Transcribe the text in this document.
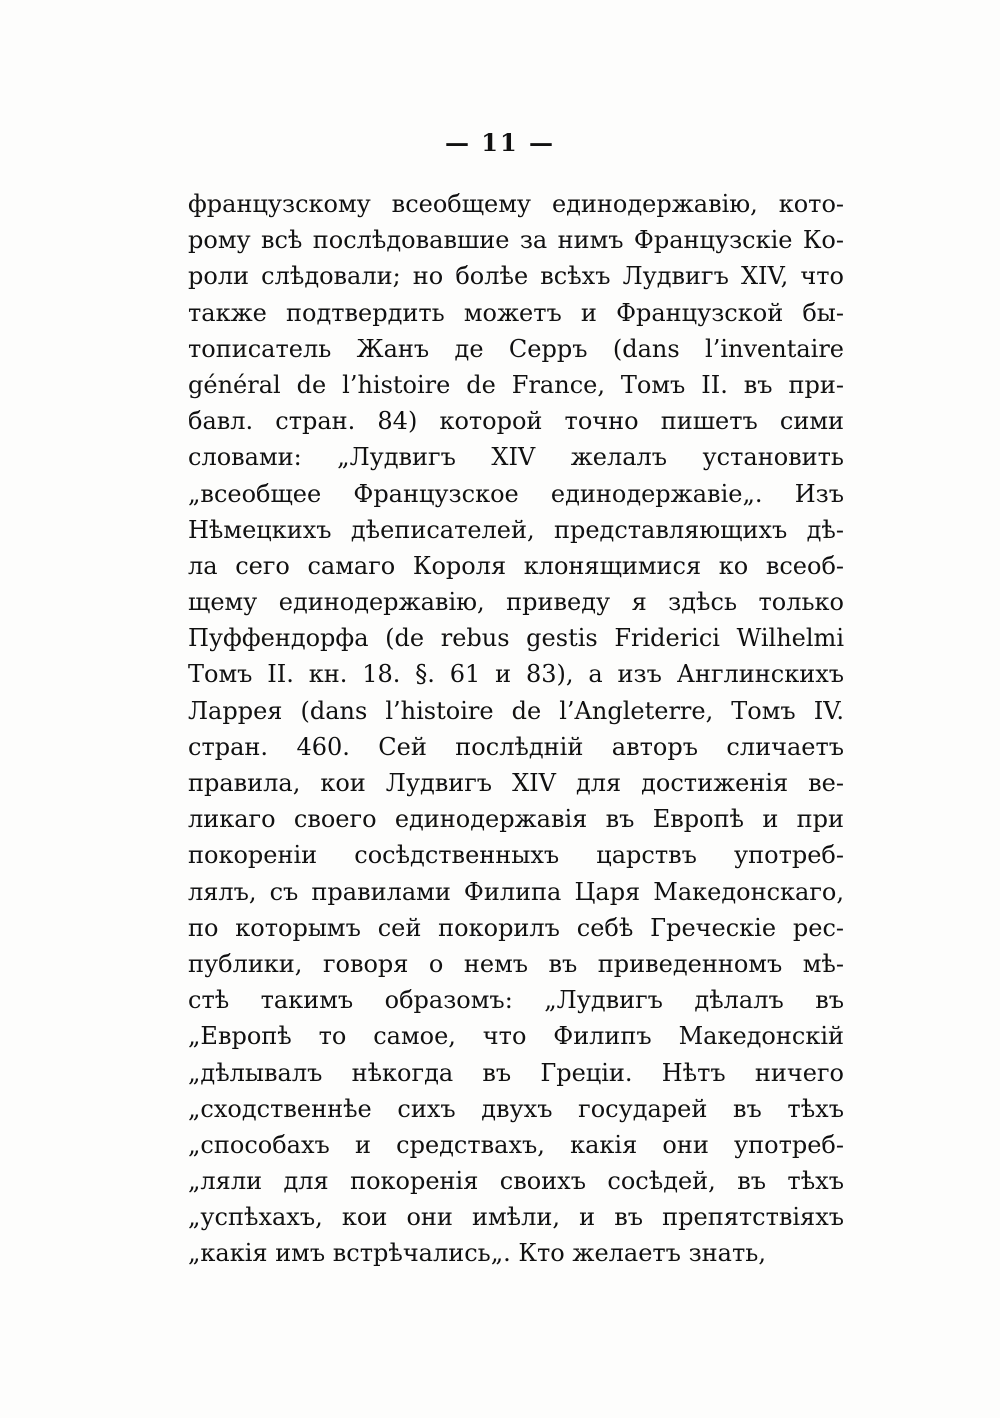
— 11 —
французскому всеобщему единодержавію, кото-
рому всѣ послѣдовавшие за нимъ Французскіе Ко-
роли слѣдовали; но болѣе всѣхъ Лудвигъ XIV, что
также подтвердить можетъ и Французской бы-
тописатель Жанъ де Серръ (dans l’inventaire
général de l’histoire de France, Томъ II. въ при-
бавл. стран. 84) которой точно пишетъ сими
словами: „Лудвигъ XIV желалъ установить
„всеобщее Французское единодержавіе„. Изъ
Нѣмецкихъ дѣеписателей, представляющихъ дѣ-
ла сего самаго Короля клонящимися ко всеоб-
щему единодержавію, приведу я здѣсь только
Пуффендорфа (de rebus gestis Friderici Wilhelmi
Томъ II. кн. 18. §. 61 и 83), а изъ Англинскихъ
Ларрея (dans l’histoire de l’Angleterre, Томъ IV.
стран. 460. Сей послѣдній авторъ сличаетъ
правила, кои Лудвигъ XIV для достиженія ве-
ликаго своего единодержавія въ Европѣ и при
покореніи сосѣдственныхъ царствъ употреб-
лялъ, съ правилами Филипа Царя Македонскаго,
по которымъ сей покорилъ себѣ Греческіе рес-
публики, говоря о немъ въ приведенномъ мѣ-
стѣ такимъ образомъ: „Лудвигъ дѣлалъ въ
„Европѣ то самое, что Филипъ Македонскій
„дѣлывалъ нѣкогда въ Греціи. Нѣтъ ничего
„сходственнѣе сихъ двухъ государей въ тѣхъ
„способахъ и средствахъ, какія они употреб-
„ляли для покоренія своихъ сосѣдей, въ тѣхъ
„успѣхахъ, кои они имѣли, и въ препятствіяхъ
„какія имъ встрѣчались„. Кто желаетъ знать,
